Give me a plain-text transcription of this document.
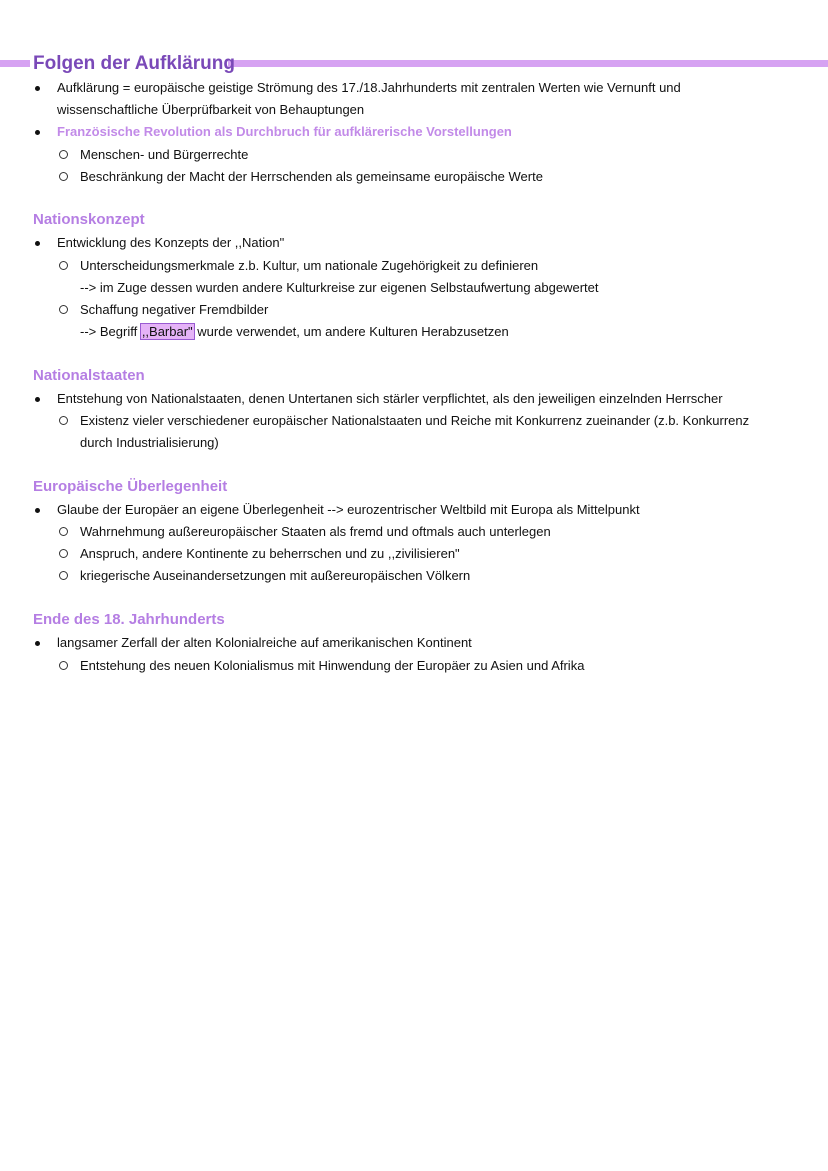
Folgen der Aufklärung
Aufklärung = europäische geistige Strömung des 17./18.Jahrhunderts mit zentralen Werten wie Vernunft und
wissenschaftliche Überprüfbarkeit von Behauptungen
Französische Revolution als Durchbruch für aufklärerische Vorstellungen
Menschen- und Bürgerrechte
Beschränkung der Macht der Herrschenden als gemeinsame europäische Werte
Nationskonzept
Entwicklung des Konzepts der ,,Nation"
Unterscheidungsmerkmale z.b. Kultur, um nationale Zugehörigkeit zu definieren
--> im Zuge dessen wurden andere Kulturkreise zur eigenen Selbstaufwertung abgewertet
Schaffung negativer Fremdbilder
--> Begriff ,,Barbar" wurde verwendet, um andere Kulturen Herabzusetzen
Nationalstaaten
Entstehung von Nationalstaaten, denen Untertanen sich stärler verpflichtet, als den jeweiligen einzelnden Herrscher
Existenz vieler verschiedener europäischer Nationalstaaten und Reiche mit Konkurrenz zueinander (z.b. Konkurrenz
durch Industrialisierung)
Europäische Überlegenheit
Glaube der Europäer an eigene Überlegenheit --> eurozentrischer Weltbild mit Europa als Mittelpunkt
Wahrnehmung außereuropäischer Staaten als fremd und oftmals auch unterlegen
Anspruch, andere Kontinente zu beherrschen und zu ,,zivilisieren"
kriegerische Auseinandersetzungen mit außereuropäischen Völkern
Ende des 18. Jahrhunderts
langsamer Zerfall der alten Kolonialreiche auf amerikanischen Kontinent
Entstehung des neuen Kolonialismus mit Hinwendung der Europäer zu Asien und Afrika
